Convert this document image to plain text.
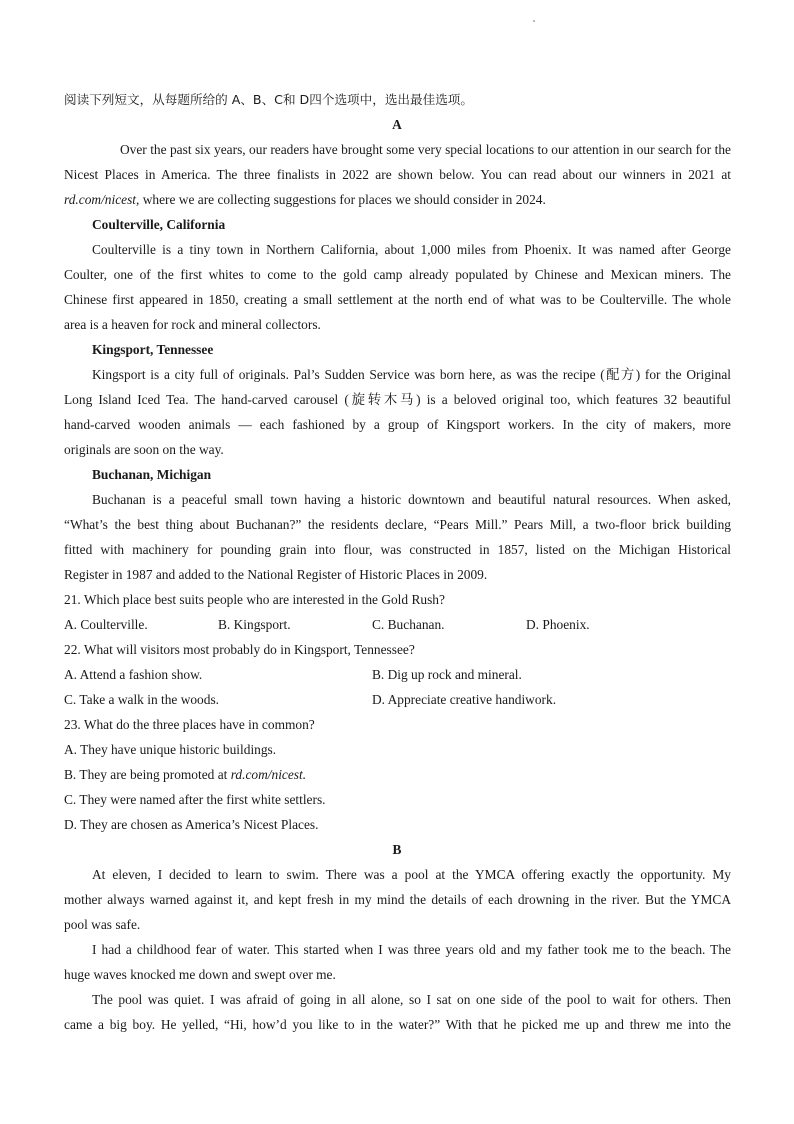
阅读下列短文，从每题所给的 A、B、C和 D四个选项中，选出最佳选项。
A
Over the past six years, our readers have brought some very special locations to our attention in our search for the
Nicest Places in America. The three finalists in 2022 are shown below. You can read about our winners in 2021 at
rd.com/nicest, where we are collecting suggestions for places we should consider in 2024.
Coulterville, California
Coulterville is a tiny town in Northern California, about 1,000 miles from Phoenix. It was named after George
Coulter, one of the first whites to come to the gold camp already populated by Chinese and Mexican miners. The
Chinese first appeared in 1850, creating a small settlement at the north end of what was to be Coulterville. The whole
area is a heaven for rock and mineral collectors.
Kingsport, Tennessee
Kingsport is a city full of originals. Pal’s Sudden Service was born here, as was the recipe (配方) for the Original
Long Island Iced Tea. The hand-carved carousel (旋转木马) is a beloved original too, which features 32 beautiful
hand-carved wooden animals — each fashioned by a group of Kingsport workers. In the city of makers, more
originals are soon on the way.
Buchanan, Michigan
Buchanan is a peaceful small town having a historic downtown and beautiful natural resources. When asked,
“What’s the best thing about Buchanan?” the residents declare, “Pears Mill.” Pears Mill, a two-floor brick building
fitted with machinery for pounding grain into flour, was constructed in 1857, listed on the Michigan Historical
Register in 1987 and added to the National Register of Historic Places in 2009.
21. Which place best suits people who are interested in the Gold Rush?
A. Coulterville.	B. Kingsport.	C. Buchanan.	D. Phoenix.
22. What will visitors most probably do in Kingsport, Tennessee?
A. Attend a fashion show.	B. Dig up rock and mineral.
C. Take a walk in the woods.	D. Appreciate creative handiwork.
23. What do the three places have in common?
A. They have unique historic buildings.
B. They are being promoted at rd.com/nicest.
C. They were named after the first white settlers.
D. They are chosen as America’s Nicest Places.
B
At eleven, I decided to learn to swim. There was a pool at the YMCA offering exactly the opportunity. My
mother always warned against it, and kept fresh in my mind the details of each drowning in the river. But the YMCA
pool was safe.
I had a childhood fear of water. This started when I was three years old and my father took me to the beach. The
huge waves knocked me down and swept over me.
The pool was quiet. I was afraid of going in all alone, so I sat on one side of the pool to wait for others. Then
came a big boy. He yelled, “Hi, how’d you like to in the water?” With that he picked me up and threw me into the
